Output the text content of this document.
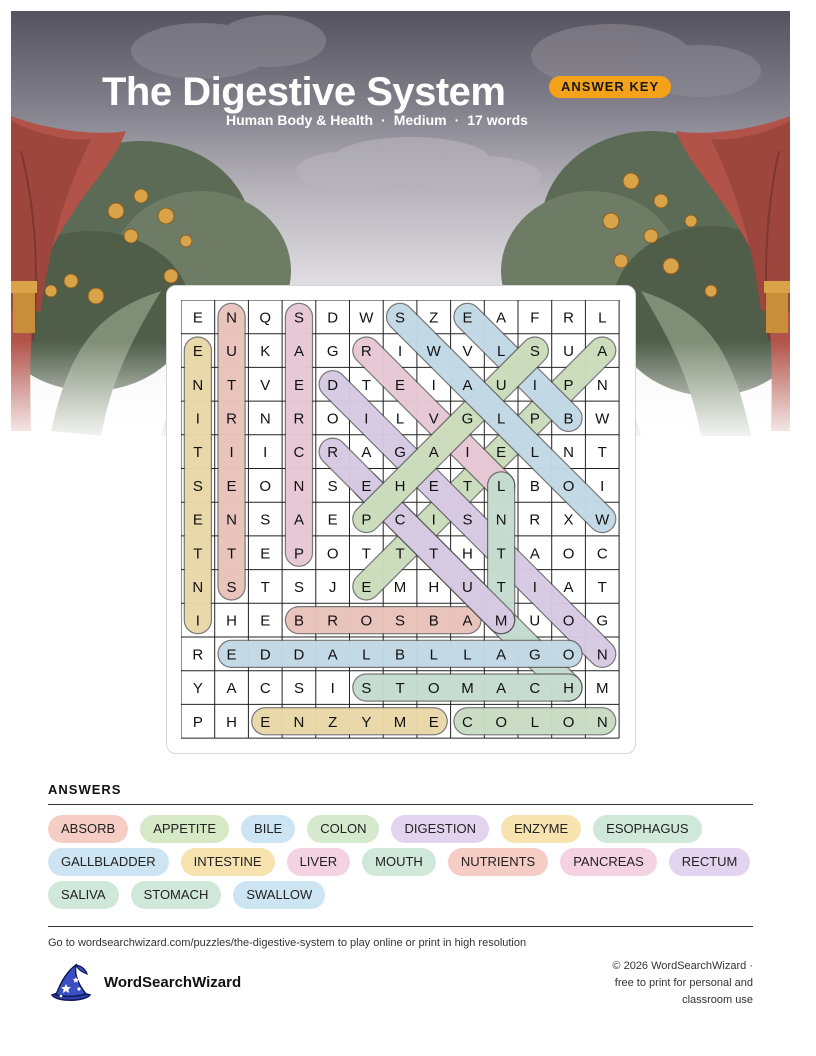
The Digestive System	ANSWER KEY
Human Body & Health · Medium · 17 words
E N Q S D W S Z E A F R L
E U K A G R I W V L S U A
N T V E D T E I A U I P N
I R N R O I L V G L P B W
T I I C R A G A I E L N T
S E O N S E H E T L B O I
E N S A E P C I S N R X W
T T E P O T T T H T A O C
N S T S J E M H U T I A T
I H E B R O S B A M U O G
R E D D A L B L L A G O N
Y A C S I S T O M A C H M
P H E N Z Y M E C O L O N
ANSWERS
ABSORB	APPETITE	BILE	COLON	DIGESTION	ENZYME	ESOPHAGUS
GALLBLADDER	INTESTINE	LIVER	MOUTH	NUTRIENTS	PANCREAS	RECTUM
SALIVA	STOMACH	SWALLOW
Go to wordsearchwizard.com/puzzles/the-digestive-system to play online or print in high resolution
WordSearchWizard
© 2026 WordSearchWizard ·
free to print for personal and
classroom use
